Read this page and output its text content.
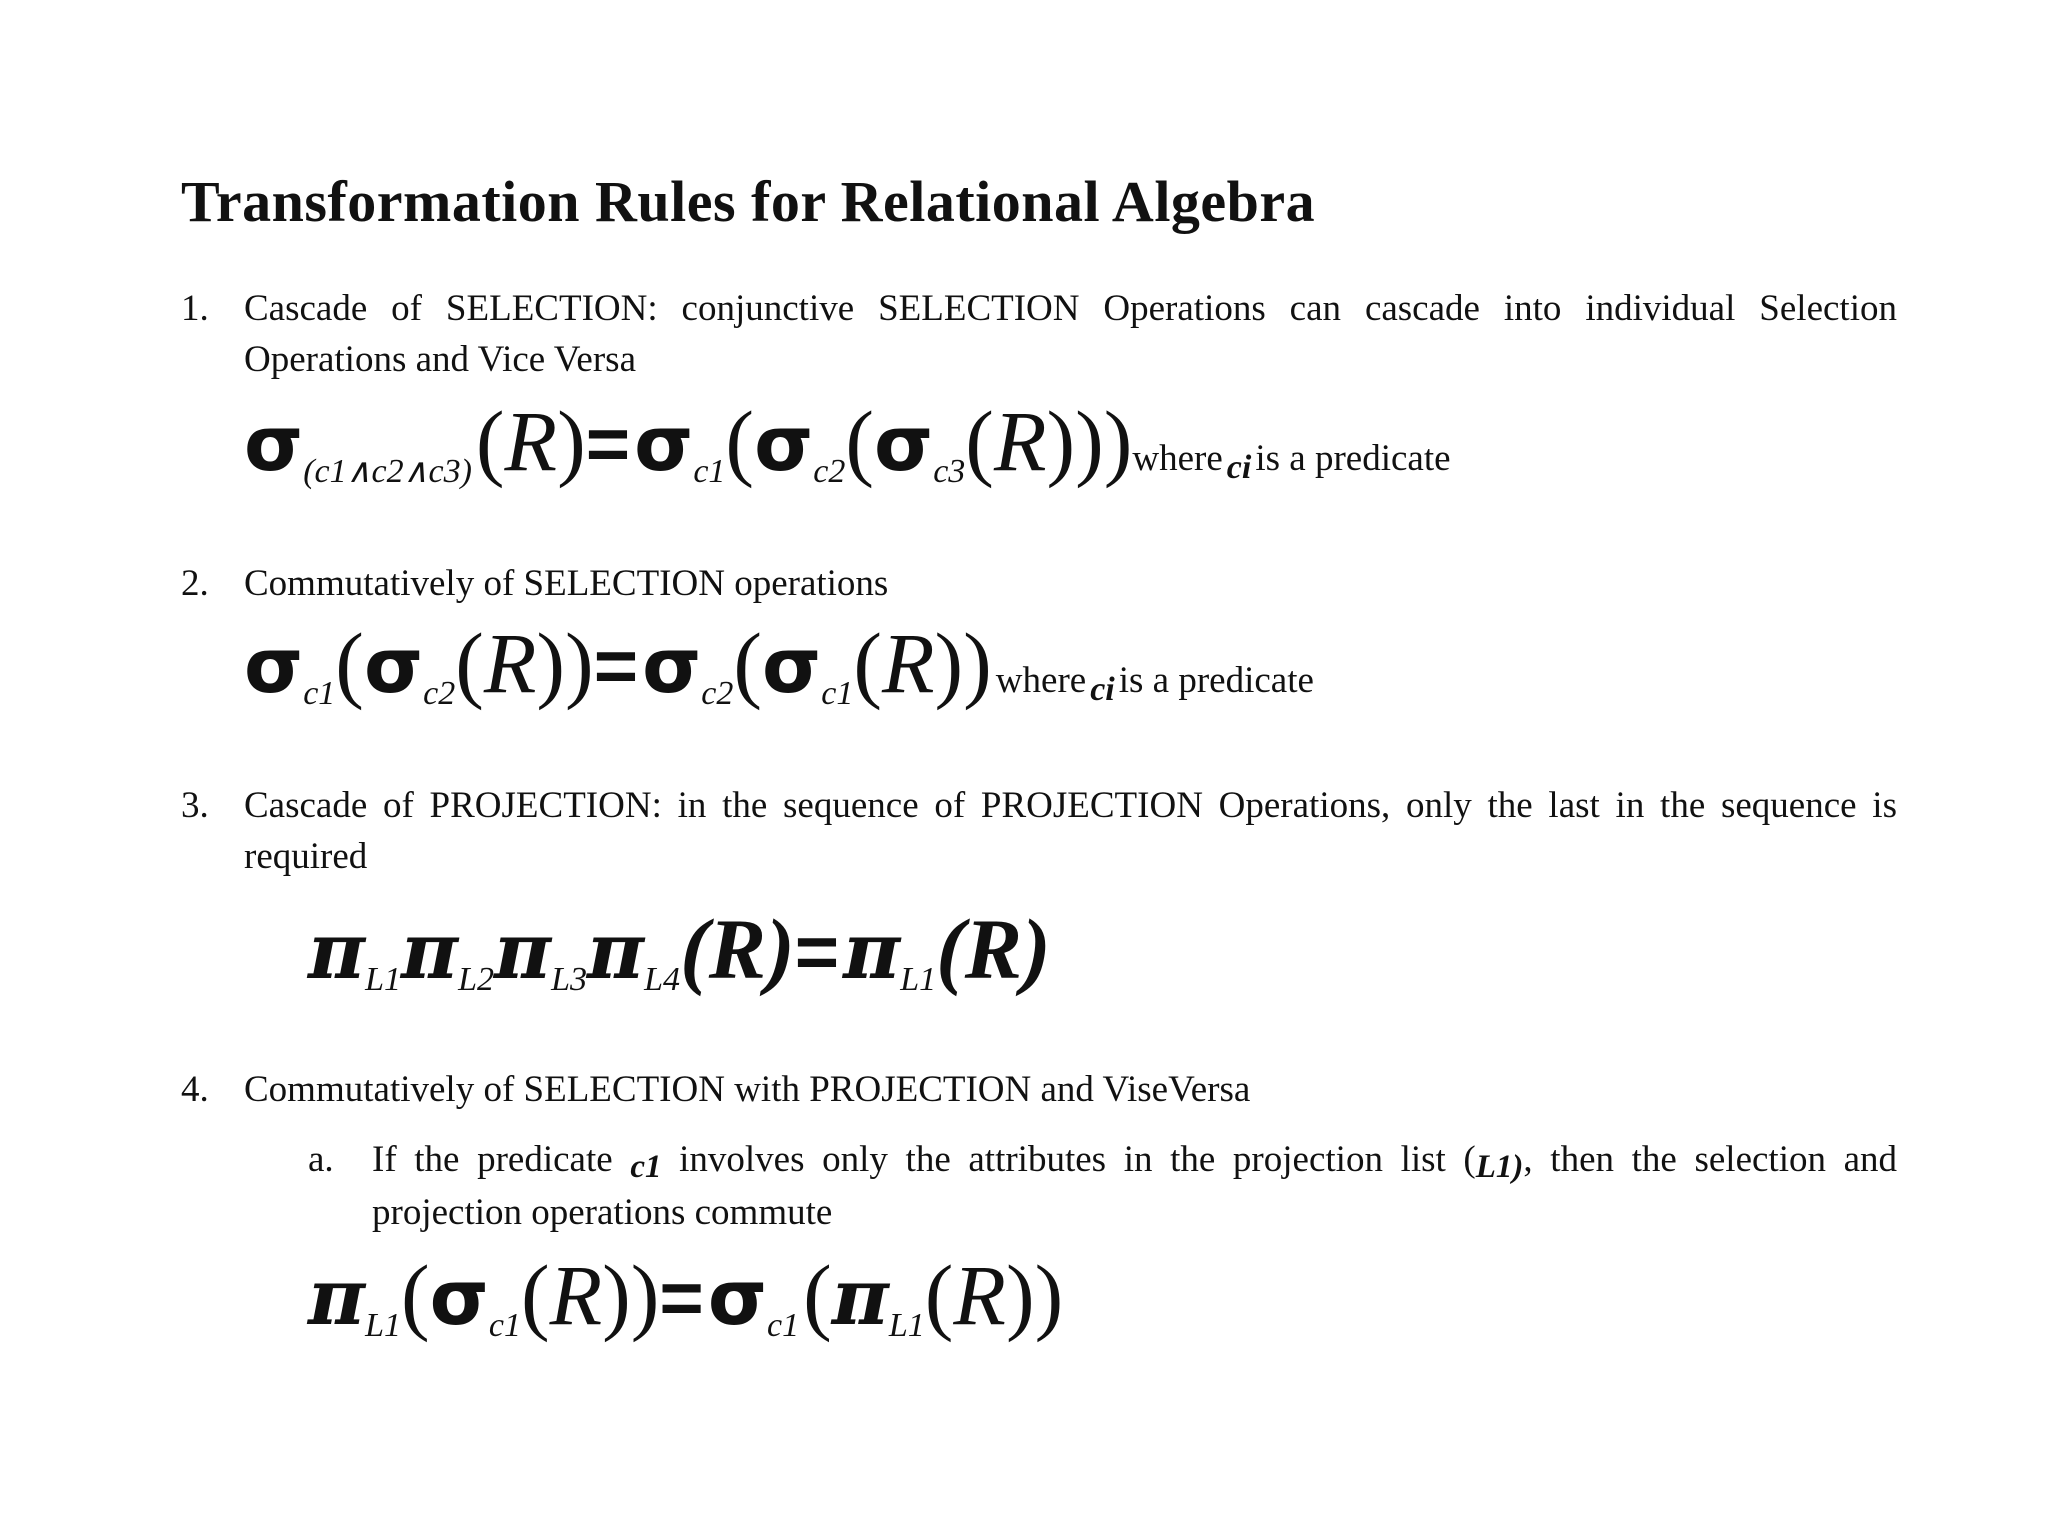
Transformation Rules for Relational Algebra
1. Cascade of SELECTION: conjunctive SELECTION Operations can cascade into individual Selection Operations and Vice Versa
σ(c1∧c2∧c3) (R)= σc1(σc2(σc3(R)))where ci is a predicate
2. Commutatively of SELECTION operations
σc1(σc2(R))= σc2(σc1(R)) where ci is a predicate
3. Cascade of PROJECTION: in the sequence of PROJECTION Operations, only the last in the sequence is required
πL1πL2πL3πL4(R)= πL1(R)
4. Commutatively of SELECTION with PROJECTION and ViseVersa
a. If the predicate c1 involves only the attributes in the projection list (L1), then the selection and projection operations commute
πL1(σc1(R))= σc1 (πL1(R))
